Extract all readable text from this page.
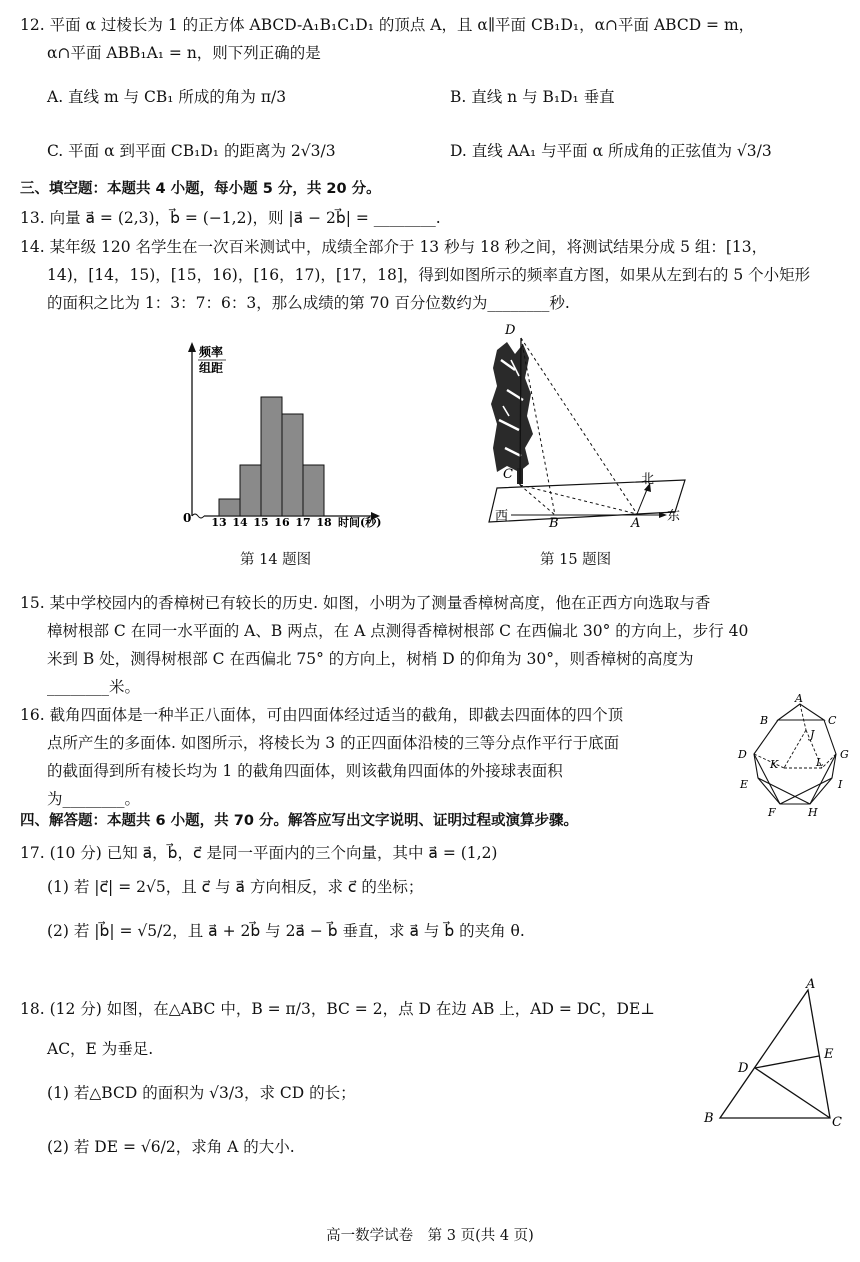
12. 平面 α 过棱长为 1 的正方体 ABCD-A₁B₁C₁D₁ 的顶点 A，且 α∥平面 CB₁D₁，α∩平面 ABCD = m，
α∩平面 ABB₁A₁ = n，则下列正确的是
A. 直线 m 与 CB₁ 所成的角为 π/3	B. 直线 n 与 B₁D₁ 垂直
C. 平面 α 到平面 CB₁D₁ 的距离为 2√3/3	D. 直线 AA₁ 与平面 α 所成角的正弦值为 √3/3
三、填空题：本题共 4 小题，每小题 5 分，共 20 分。
13. 向量 a⃗ = (2,3)，b⃗ = (−1,2)，则 |a⃗ − 2b⃗| = ________.
14. 某年级 120 名学生在一次百米测试中，成绩全部介于 13 秒与 18 秒之间，将测试结果分成 5 组：[13，
14)，[14，15)，[15，16)，[16，17)，[17，18]，得到如图所示的频率直方图，如果从左到右的 5 个小矩形
的面积之比为 1：3：7：6：3，那么成绩的第 70 百分位数约为________秒.
13 14 15 16 17 18
频率
组距
0	时间(秒)
第 14 题图
D
C
B	A
北
西	东
第 15 题图
15. 某中学校园内的香樟树已有较长的历史. 如图，小明为了测量香樟树高度，他在正西方向选取与香
樟树根部 C 在同一水平面的 A、B 两点，在 A 点测得香樟树根部 C 在西偏北 30° 的方向上，步行 40
米到 B 处，测得树根部 C 在西偏北 75° 的方向上，树梢 D 的仰角为 30°，则香樟树的高度为
________米。
16. 截角四面体是一种半正八面体，可由四面体经过适当的截角，即截去四面体的四个顶
点所产生的多面体. 如图所示，将棱长为 3 的正四面体沿棱的三等分点作平行于底面
的截面得到所有棱长均为 1 的截角四面体，则该截角四面体的外接球表面积
为________。
A
B	C
J
D	G
K	L
E	I
F	H
四、解答题：本题共 6 小题，共 70 分。解答应写出文字说明、证明过程或演算步骤。
17. (10 分) 已知 a⃗，b⃗，c⃗ 是同一平面内的三个向量，其中 a⃗ = (1,2)
(1) 若 |c⃗| = 2√5，且 c⃗ 与 a⃗ 方向相反，求 c⃗ 的坐标；
(2) 若 |b⃗| = √5/2，且 a⃗ + 2b⃗ 与 2a⃗ − b⃗ 垂直，求 a⃗ 与 b⃗ 的夹角 θ.
18. (12 分) 如图，在△ABC 中，B = π/3，BC = 2，点 D 在边 AB 上，AD = DC，DE⊥
AC，E 为垂足.
(1) 若△BCD 的面积为 √3/3，求 CD 的长；
(2) 若 DE = √6/2，求角 A 的大小.
A
B	C
D
E
高一数学试卷　第 3 页(共 4 页)
